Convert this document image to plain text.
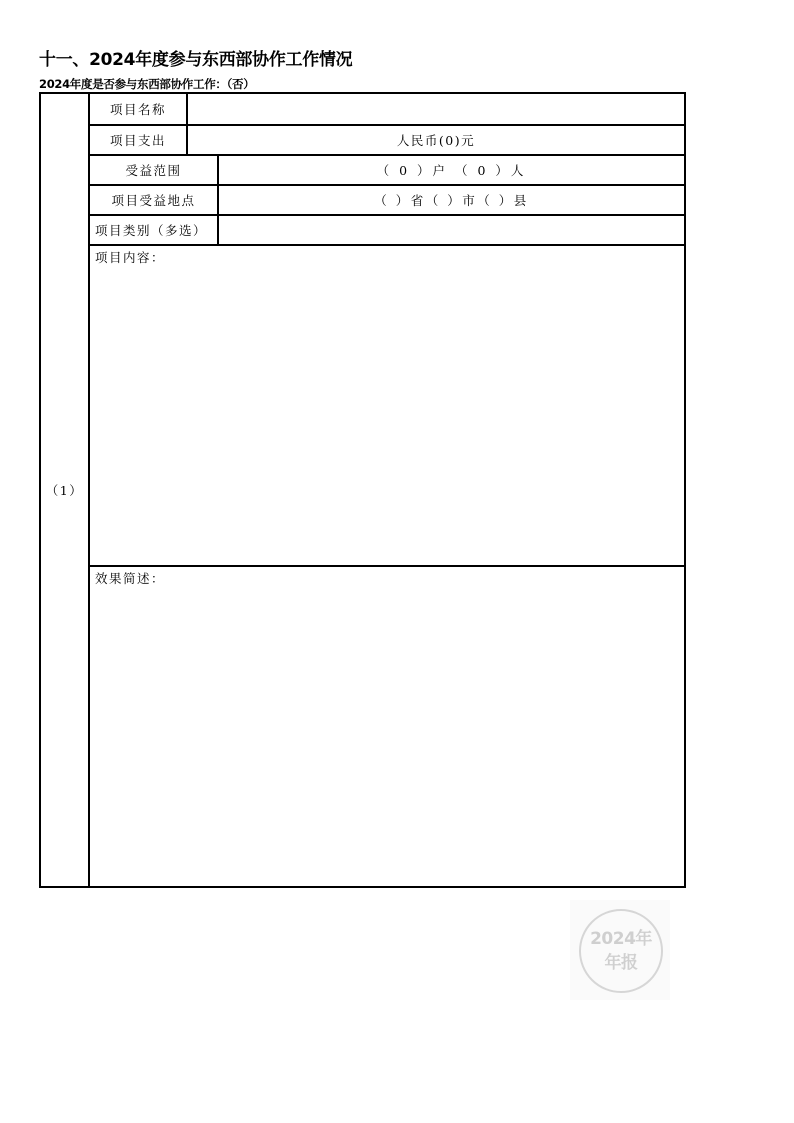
十一、2024年度参与东西部协作工作情况
2024年度是否参与东西部协作工作：（否）
（1）
项目名称
项目支出	人民币(0)元
受益范围	（ 0 ）户 （ 0 ）人
项目受益地点	（ ）省（ ）市（ ）县
项目类别（多选）
项目内容：
效果简述：
2024年
年报
